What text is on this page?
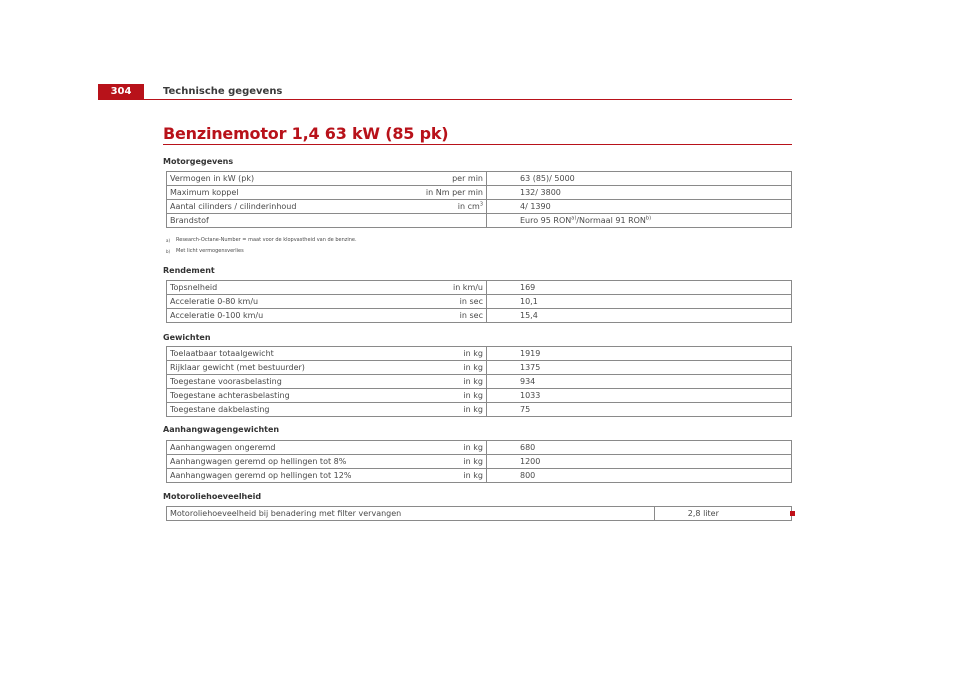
304	Technische gegevens
Benzinemotor 1,4 63 kW (85 pk)
Motorgegevens
Vermogen in kW (pk)	per min	63 (85)/ 5000
Maximum koppel	in Nm per min	132/ 3800
Aantal cilinders / cilinderinhoud	in $cm^3$	4/ 1390
Brandstof		Euro 95 RON$^{a)}$/Normaal 91 RON$^{b)}$
a) Research-Octane-Number = maat voor de klopvastheid van de benzine.
b) Met licht vermogensverlies
Rendement
Topsnelheid	in km/u	169
Acceleratie 0-80 km/u	in sec	10,1
Acceleratie 0-100 km/u	in sec	15,4
Gewichten
Toelaatbaar totaalgewicht	in kg	1919
Rijklaar gewicht (met bestuurder)	in kg	1375
Toegestane voorasbelasting	in kg	934
Toegestane achterasbelasting	in kg	1033
Toegestane dakbelasting	in kg	75
Aanhangwagengewichten
Aanhangwagen ongeremd	in kg	680
Aanhangwagen geremd op hellingen tot 8%	in kg	1200
Aanhangwagen geremd op hellingen tot 12%	in kg	800
Motoroliehoeveelheid
Motoroliehoeveelheid bij benadering met filter vervangen	2,8 liter
